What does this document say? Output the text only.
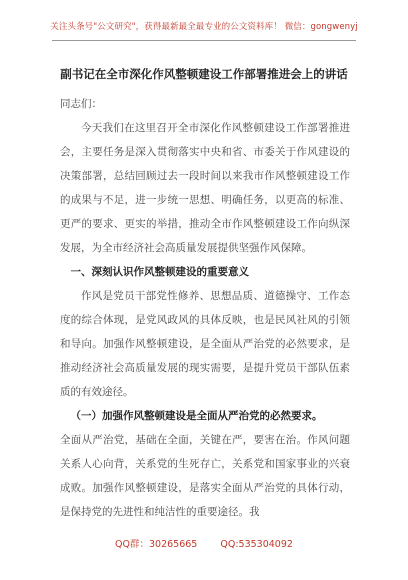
关注头条号"公文研究"，获得最新最全最专业的公文资料库！ 微信：gongwenyj
副书记在全市深化作风整顿建设工作部署推进会上的讲话

同志们：

今天我们在这里召开全市深化作风整顿建设工作部署推进会，主要任务是深入贯彻落实中央和省、市委关于作风建设的决策部署，总结回顾过去一段时间以来我市作风整顿建设工作的成果与不足，进一步统一思想、明确任务，以更高的标准、更严的要求、更实的举措，推动全市作风整顿建设工作向纵深发展，为全市经济社会高质量发展提供坚强作风保障。

一、深刻认识作风整顿建设的重要意义

作风是党员干部党性修养、思想品质、道德操守、工作态度的综合体现，是党风政风的具体反映，也是民风社风的引领和导向。加强作风整顿建设，是全面从严治党的必然要求，是推动经济社会高质量发展的现实需要，是提升党员干部队伍素质的有效途径。

（一）加强作风整顿建设是全面从严治党的必然要求。

全面从严治党，基础在全面，关键在严，要害在治。作风问题关系人心向背，关系党的生死存亡，关系党和国家事业的兴衰成败。加强作风整顿建设，是落实全面从严治党的具体行动，是保持党的先进性和纯洁性的重要途径。我

QQ群：30265665 QQ:535304092
